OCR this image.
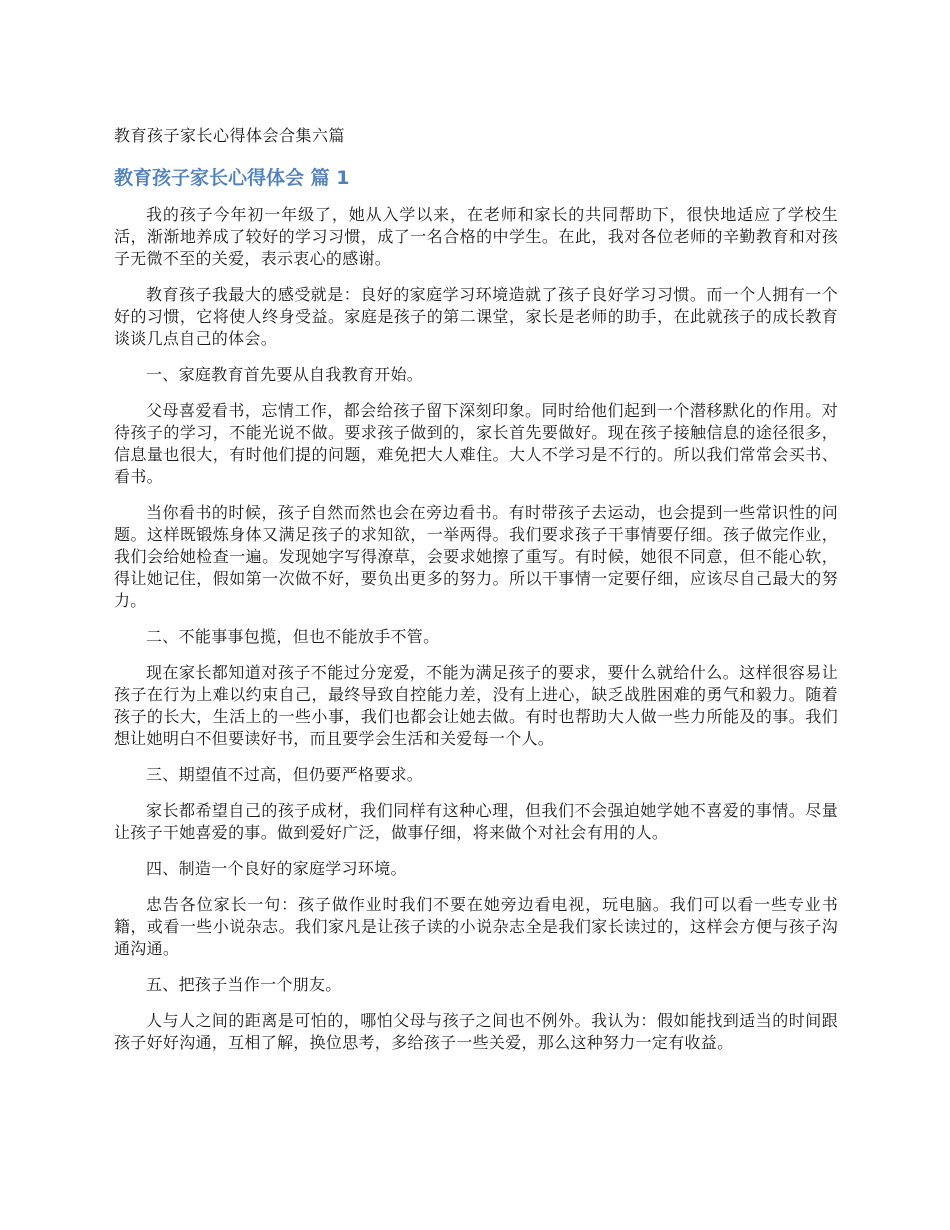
教育孩子家长心得体会合集六篇
教育孩子家长心得体会 篇 1

我的孩子今年初一年级了，她从入学以来，在老师和家长的共同帮助下，很快地适应了学校生活，渐渐地养成了较好的学习习惯，成了一名合格的中学生。在此，我对各位老师的辛勤教育和对孩子无微不至的关爱，表示衷心的感谢。

教育孩子我最大的感受就是：良好的家庭学习环境造就了孩子良好学习习惯。而一个人拥有一个好的习惯，它将使人终身受益。家庭是孩子的第二课堂，家长是老师的助手，在此就孩子的成长教育谈谈几点自己的体会。

一、家庭教育首先要从自我教育开始。

父母喜爱看书，忘情工作，都会给孩子留下深刻印象。同时给他们起到一个潜移默化的作用。对待孩子的学习，不能光说不做。要求孩子做到的，家长首先要做好。现在孩子接触信息的途径很多，信息量也很大，有时他们提的问题，难免把大人难住。大人不学习是不行的。所以我们常常会买书、看书。

当你看书的时候，孩子自然而然也会在旁边看书。有时带孩子去运动，也会提到一些常识性的问题。这样既锻炼身体又满足孩子的求知欲，一举两得。我们要求孩子干事情要仔细。孩子做完作业，我们会给她检查一遍。发现她字写得潦草，会要求她擦了重写。有时候，她很不同意，但不能心软，得让她记住，假如第一次做不好，要负出更多的努力。所以干事情一定要仔细，应该尽自己最大的努力。

二、不能事事包揽，但也不能放手不管。

现在家长都知道对孩子不能过分宠爱，不能为满足孩子的要求，要什么就给什么。这样很容易让孩子在行为上难以约束自己，最终导致自控能力差，没有上进心，缺乏战胜困难的勇气和毅力。随着孩子的长大，生活上的一些小事，我们也都会让她去做。有时也帮助大人做一些力所能及的事。我们想让她明白不但要读好书，而且要学会生活和关爱每一个人。

三、期望值不过高，但仍要严格要求。

家长都希望自己的孩子成材，我们同样有这种心理，但我们不会强迫她学她不喜爱的事情。尽量让孩子干她喜爱的事。做到爱好广泛，做事仔细，将来做个对社会有用的人。

四、制造一个良好的家庭学习环境。

忠告各位家长一句：孩子做作业时我们不要在她旁边看电视，玩电脑。我们可以看一些专业书籍，或看一些小说杂志。我们家凡是让孩子读的小说杂志全是我们家长读过的，这样会方便与孩子沟通沟通。

五、把孩子当作一个朋友。

人与人之间的距离是可怕的，哪怕父母与孩子之间也不例外。我认为：假如能找到适当的时间跟孩子好好沟通，互相了解，换位思考，多给孩子一些关爱，那么这种努力一定有收益。
